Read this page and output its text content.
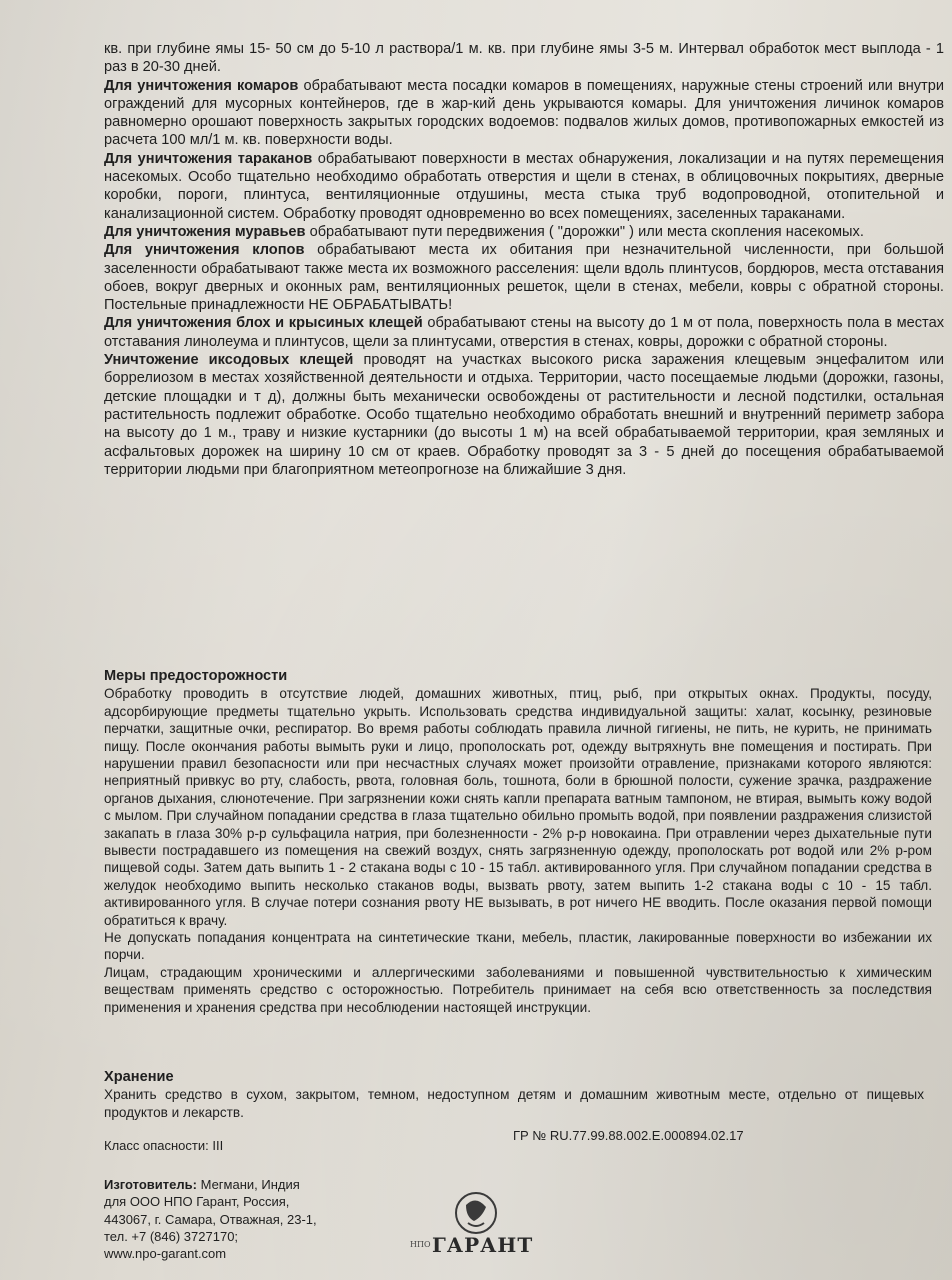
кв. при глубине ямы 15- 50 см до 5-10 л раствора/1 м. кв. при глубине ямы 3-5 м. Интервал обработок мест выплода - 1 раз в 20-30 дней.

Для уничтожения комаров обрабатывают места посадки комаров в помещениях, наружные стены строений или внутри ограждений для мусорных контейнеров, где в жар-кий день укрываются комары. Для уничтожения личинок комаров равномерно орошают поверхность закрытых городских водоемов: подвалов жилых домов, противопожарных емкостей из расчета 100 мл/1 м. кв. поверхности воды.

Для уничтожения тараканов обрабатывают поверхности в местах обнаружения, локализации и на путях перемещения насекомых. Особо тщательно необходимо обработать отверстия и щели в стенах, в облицовочных покрытиях, дверные коробки, пороги, плинтуса, вентиляционные отдушины, места стыка труб водопроводной, отопительной и канализационной систем. Обработку проводят одновременно во всех помещениях, заселенных тараканами.

Для уничтожения муравьев обрабатывают пути передвижения ( "дорожки" ) или места скопления насекомых.

Для уничтожения клопов обрабатывают места их обитания при незначительной численности, при большой заселенности обрабатывают также места их возможного расселения: щели вдоль плинтусов, бордюров, места отставания обоев, вокруг дверных и оконных рам, вентиляционных решеток, щели в стенах, мебели, ковры с обратной стороны. Постельные принадлежности НЕ ОБРАБАТЫВАТЬ!

Для уничтожения блох и крысиных клещей обрабатывают стены на высоту до 1 м от пола, поверхность пола в местах отставания линолеума и плинтусов, щели за плинтусами, отверстия в стенах, ковры, дорожки с обратной стороны.

Уничтожение иксодовых клещей проводят на участках высокого риска заражения клещевым энцефалитом или боррелиозом в местах хозяйственной деятельности и отдыха. Территории, часто посещаемые людьми (дорожки, газоны, детские площадки и т д), должны быть механически освобождены от растительности и лесной подстилки, остальная растительность подлежит обработке. Особо тщательно необходимо обработать внешний и внутренний периметр забора на высоту до 1 м., траву и низкие кустарники (до высоты 1 м) на всей обрабатываемой территории, края земляных и асфальтовых дорожек на ширину 10 см от краев. Обработку проводят за 3 - 5 дней до посещения обрабатываемой территории людьми при благоприятном метеопрогнозе на ближайшие 3 дня.

Меры предосторожности

Обработку проводить в отсутствие людей, домашних животных, птиц, рыб, при открытых окнах. Продукты, посуду, адсорбирующие предметы тщательно укрыть. Использовать средства индивидуальной защиты: халат, косынку, резиновые перчатки, защитные очки, респиратор. Во время работы соблюдать правила личной гигиены, не пить, не курить, не принимать пищу. После окончания работы вымыть руки и лицо, прополоскать рот, одежду вытряхнуть вне помещения и постирать. При нарушении правил безопасности или при несчастных случаях может произойти отравление, признаками которого являются: неприятный привкус во рту, слабость, рвота, головная боль, тошнота, боли в брюшной полости, сужение зрачка, раздражение органов дыхания, слюнотечение. При загрязнении кожи снять капли препарата ватным тампоном, не втирая, вымыть кожу водой с мылом. При случайном попадании средства в глаза тщательно обильно промыть водой, при появлении раздражения слизистой закапать в глаза 30% р-р сульфацила натрия, при болезненности - 2% р-р новокаина. При отравлении через дыхательные пути вывести пострадавшего из помещения на свежий воздух, снять загрязненную одежду, прополоскать рот водой или 2% р-ром пищевой соды. Затем дать выпить 1 - 2 стакана воды с 10 - 15 табл. активированного угля. При случайном попадании средства в желудок необходимо выпить несколько стаканов воды, вызвать рвоту, затем выпить 1-2 стакана воды с 10 - 15 табл. активированного угля. В случае потери сознания рвоту НЕ вызывать, в рот ничего НЕ вводить. После оказания первой помощи обратиться к врачу.

Не допускать попадания концентрата на синтетические ткани, мебель, пластик, лакированные поверхности во избежании их порчи.

Лицам, страдающим хроническими и аллергическими заболеваниями и повышенной чувствительностью к химическим веществам применять средство с осторожностью. Потребитель принимает на себя всю ответственность за последствия применения и хранения средства при несоблюдении настоящей инструкции.

Хранение

Хранить средство в сухом, закрытом, темном, недоступном детям и домашним животным месте, отдельно от пищевых продуктов и лекарств.

Класс опасности: III
ГР № RU.77.99.88.002.Е.000894.02.17
Изготовитель: Мегмани, Индия
для ООО НПО Гарант, Россия,
443067, г. Самара, Отважная, 23-1,
тел. +7 (846) 3727170;
www.npo-garant.com
НПО ГАРАНТ
